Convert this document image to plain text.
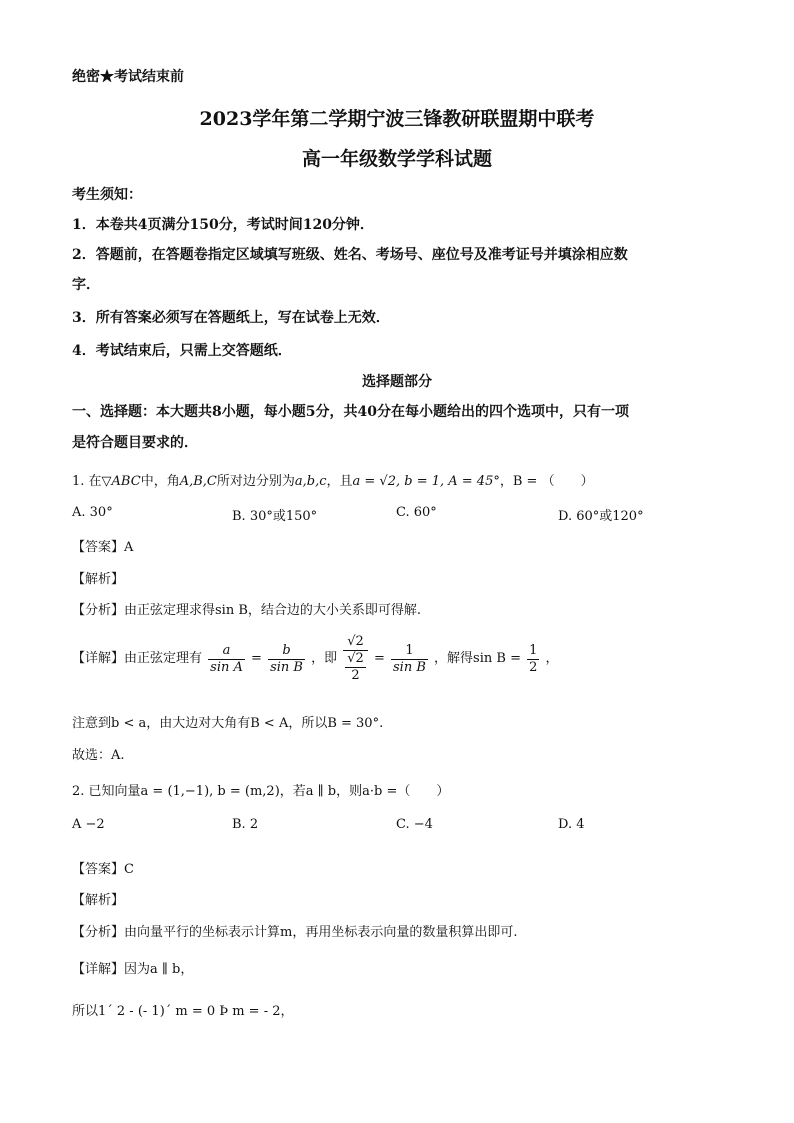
绝密★考试结束前
2023学年第二学期宁波三锋教研联盟期中联考
高一年级数学学科试题
考生须知：
1．本卷共4页满分150分，考试时间120分钟．
2．答题前，在答题卷指定区域填写班级、姓名、考场号、座位号及准考证号并填涂相应数
字．
3．所有答案必须写在答题纸上，写在试卷上无效．
4．考试结束后，只需上交答题纸．
选择题部分
一、选择题：本大题共8小题，每小题5分，共40分在每小题给出的四个选项中，只有一项
是符合题目要求的．
1. 在▽ABC中，角A,B,C所对边分别为a,b,c，且a = √2, b = 1, A = 45°，B = （　　）
A. 30°	B. 30°或150°	C. 60°	D. 60°或120°
【答案】A
【解析】
【分析】由正弦定理求得sin B，结合边的大小关系即可得解.
【详解】由正弦定理有 $\frac{a}{\text{sin A}} = \frac{b}{\text{sin B}}$ ，即 $\frac{√2}{\frac{√2}{2}} = \frac{1}{\text{sin B}}$ ，解得$\sin B = \frac{1}{2}$ ，
注意到b < a，由大边对大角有B < A，所以B = 30°.
故选：A.
2. 已知向量a = (1,−1), b = (m,2)，若a ∥ b，则a·b =（　　）
A −2	B. 2	C. −4	D. 4
【答案】C
【解析】
【分析】由向量平行的坐标表示计算m，再用坐标表示向量的数量积算出即可.
【详解】因为a ∥ b，
所以1´ 2 - (- 1)´ m = 0 Þ m = - 2，
